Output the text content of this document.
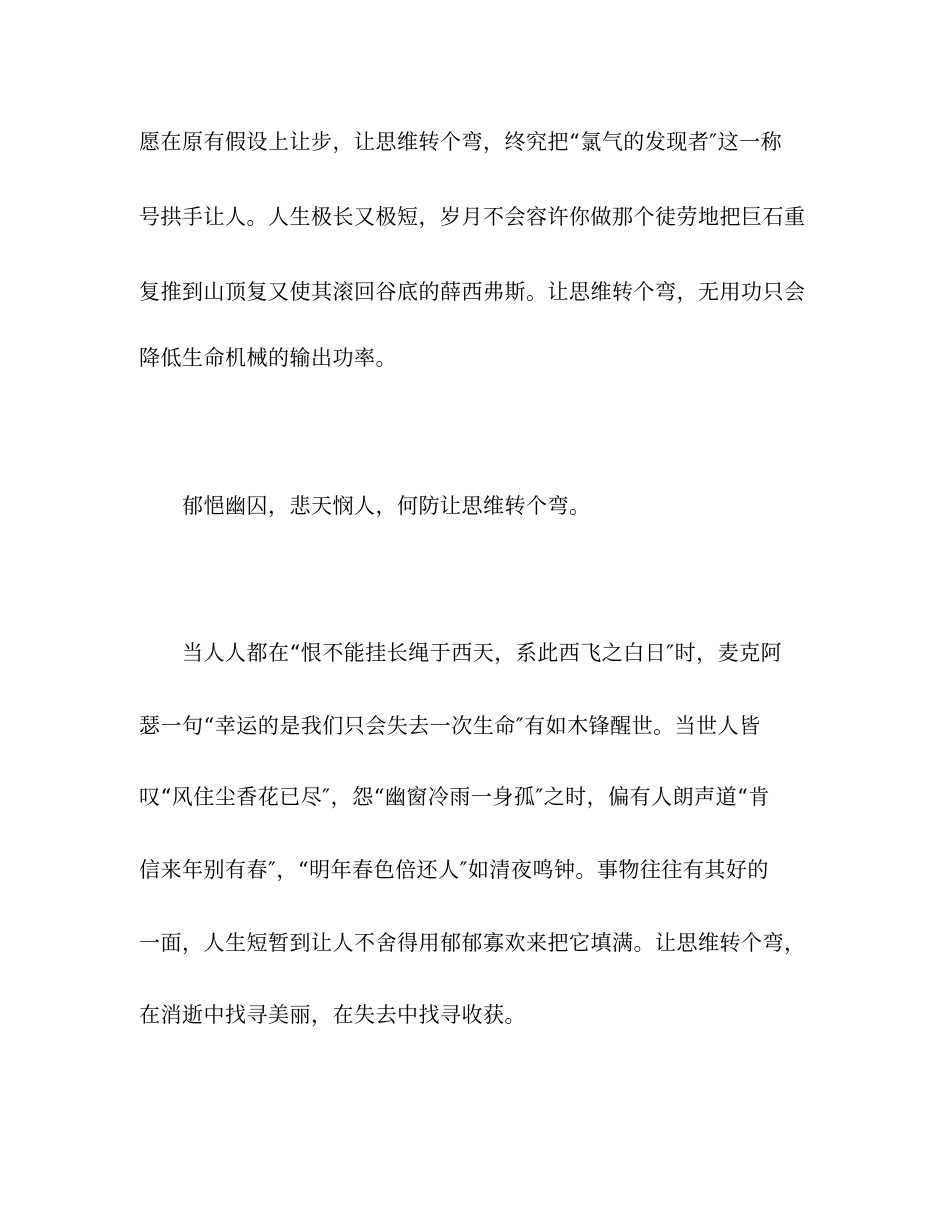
愿在原有假设上让步，让思维转个弯，终究把“氯气的发现者″这一称
号拱手让人。人生极长又极短，岁月不会容许你做那个徒劳地把巨石重
复推到山顶复又使其滚回谷底的薛西弗斯。让思维转个弯，无用功只会
降低生命机械的输出功率。
郁悒幽囚，悲天悯人，何防让思维转个弯。
当人人都在“恨不能挂长绳于西天，系此西飞之白日″时，麦克阿
瑟一句“幸运的是我们只会失去一次生命″有如木锋醒世。当世人皆
叹“风住尘香花已尽″，怨“幽窗冷雨一身孤″之时，偏有人朗声道“肯
信来年别有春″，“明年春色倍还人″如清夜鸣钟。事物往往有其好的
一面，人生短暂到让人不舍得用郁郁寡欢来把它填满。让思维转个弯，
在消逝中找寻美丽，在失去中找寻收获。
